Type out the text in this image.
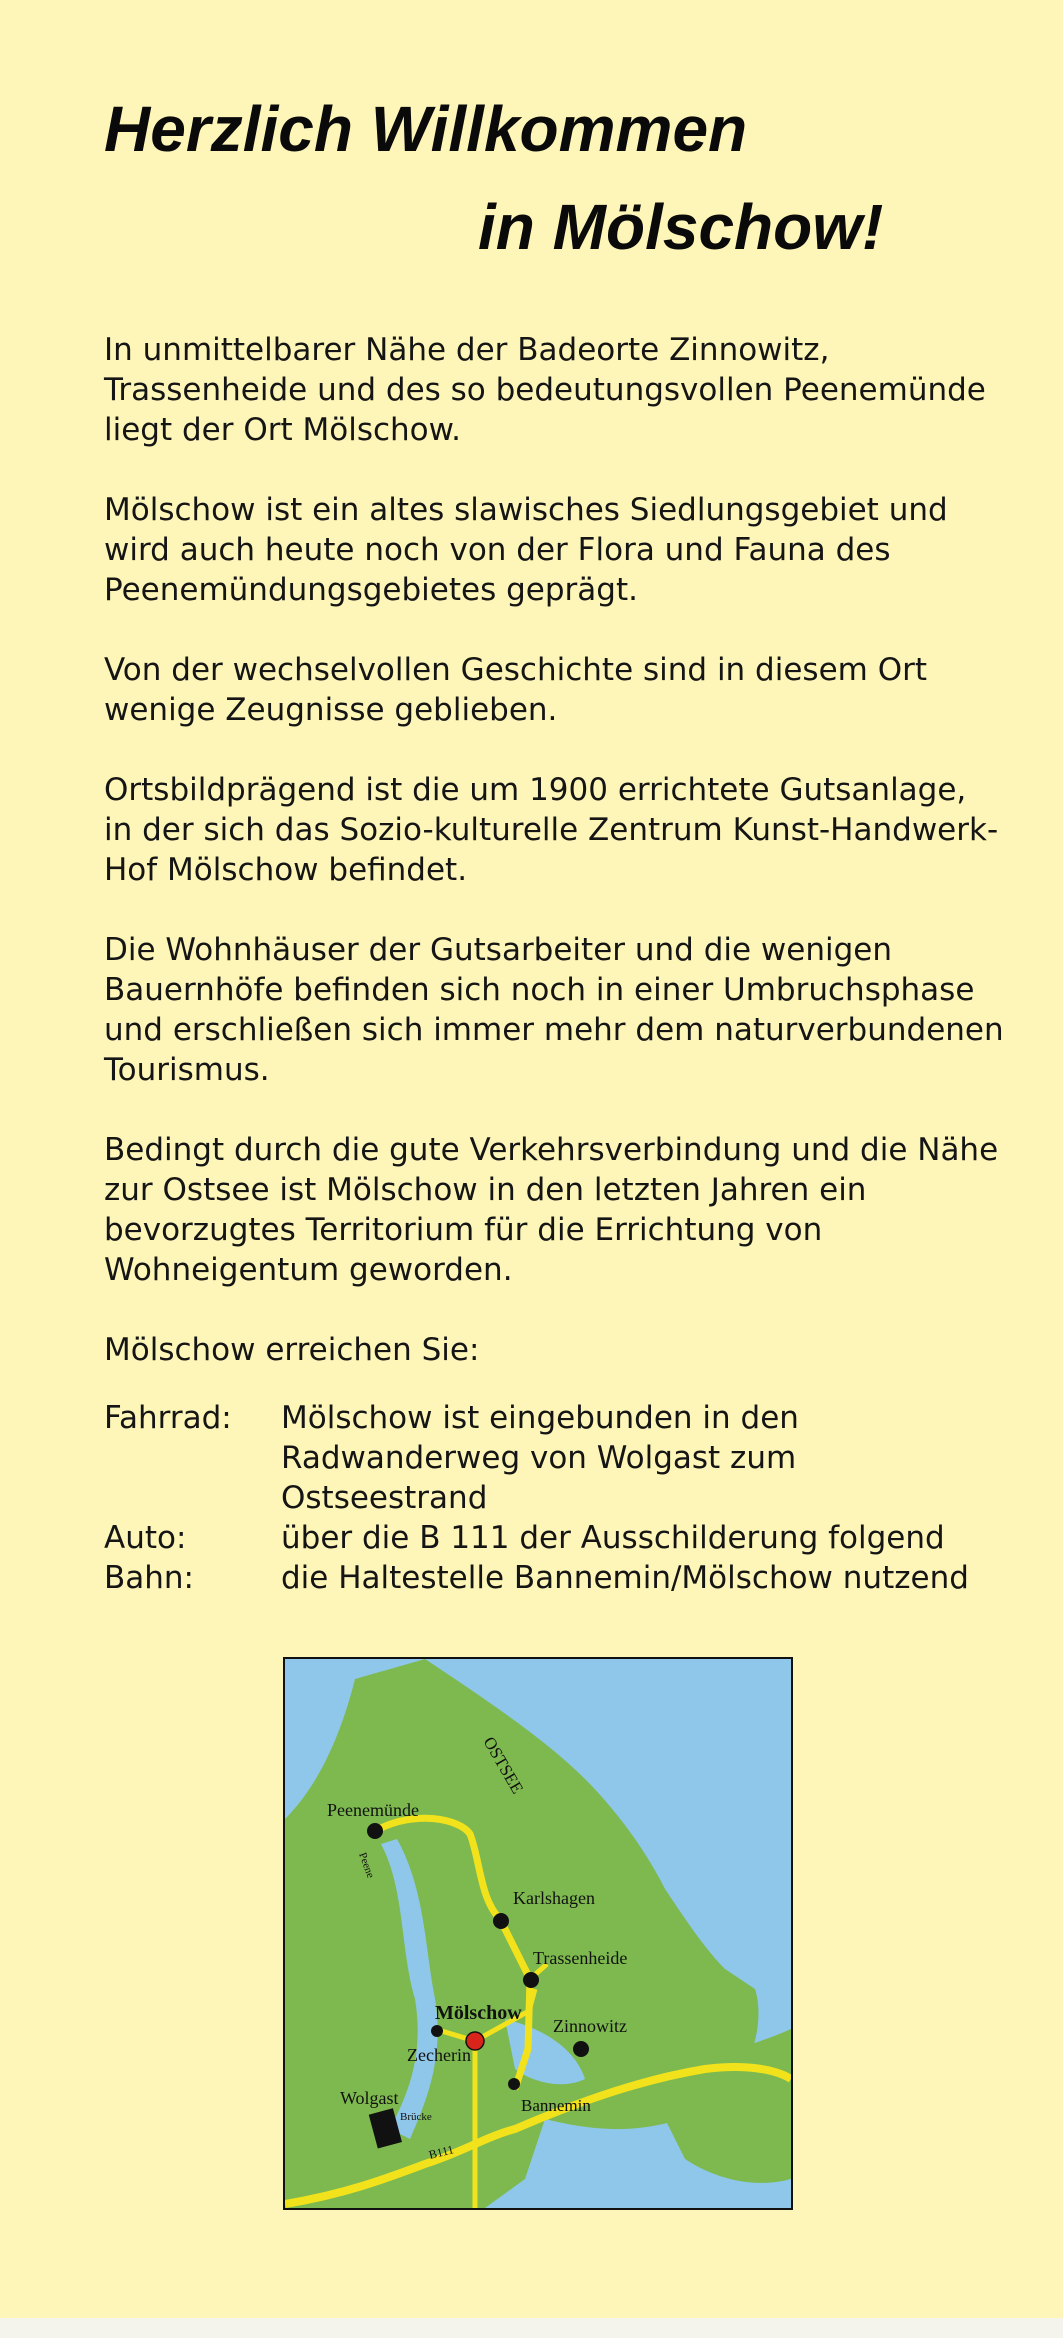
Herzlich Willkommen
in Mölschow!

In unmittelbarer Nähe der Badeorte Zinnowitz, Trassenheide und des so bedeutungsvollen Peenemünde liegt der Ort Mölschow.

Mölschow ist ein altes slawisches Siedlungsgebiet und wird auch heute noch von der Flora und Fauna des Peenemündungsgebietes geprägt.

Von der wechselvollen Geschichte sind in diesem Ort wenige Zeugnisse geblieben.

Ortsbildprägend ist die um 1900 errichtete Gutsanlage, in der sich das Sozio-kulturelle Zentrum Kunst-Handwerk-Hof Mölschow befindet.

Die Wohnhäuser der Gutsarbeiter und die wenigen Bauernhöfe befinden sich noch in einer Umbruchsphase und erschließen sich immer mehr dem naturverbundenen Tourismus.

Bedingt durch die gute Verkehrsverbindung und die Nähe zur Ostsee ist Mölschow in den letzten Jahren ein bevorzugtes Territorium für die Errichtung von Wohneigentum geworden.

Mölschow erreichen Sie:
Fahrrad:	Mölschow ist eingebunden in den Radwanderweg von Wolgast zum Ostseestrand
Auto:	über die B 111 der Ausschilderung folgend
Bahn:	die Haltestelle Bannemin/Mölschow nutzend
OSTSEE
Peenemünde
Peene
Karlshagen
Trassenheide
Mölschow
Zinnowitz
Zecherin
Wolgast
Brücke
Bannemin
B111
